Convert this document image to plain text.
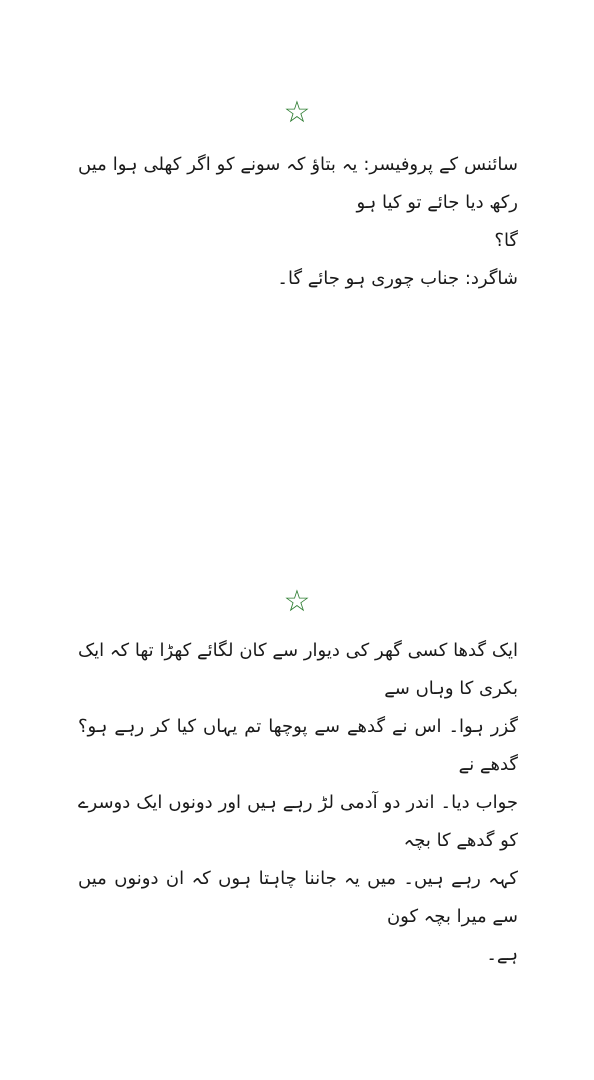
☆
سائنس کے پروفیسر: یہ بتاؤ کہ سونے کو اگر کھلی ہوا میں رکھ دیا جائے تو کیا ہو
گا؟
شاگرد: جناب چوری ہو جائے گا۔
☆
ایک گدھا کسی گھر کی دیوار سے کان لگائے کھڑا تھا کہ ایک بکری کا وہاں سے
گزر ہوا۔ اس نے گدھے سے پوچھا تم یہاں کیا کر رہے ہو؟ گدھے نے
جواب دیا۔ اندر دو آدمی لڑ رہے ہیں اور دونوں ایک دوسرے کو گدھے کا بچہ
کہہ رہے ہیں۔ میں یہ جاننا چاہتا ہوں کہ ان دونوں میں سے میرا بچہ کون
ہے۔
